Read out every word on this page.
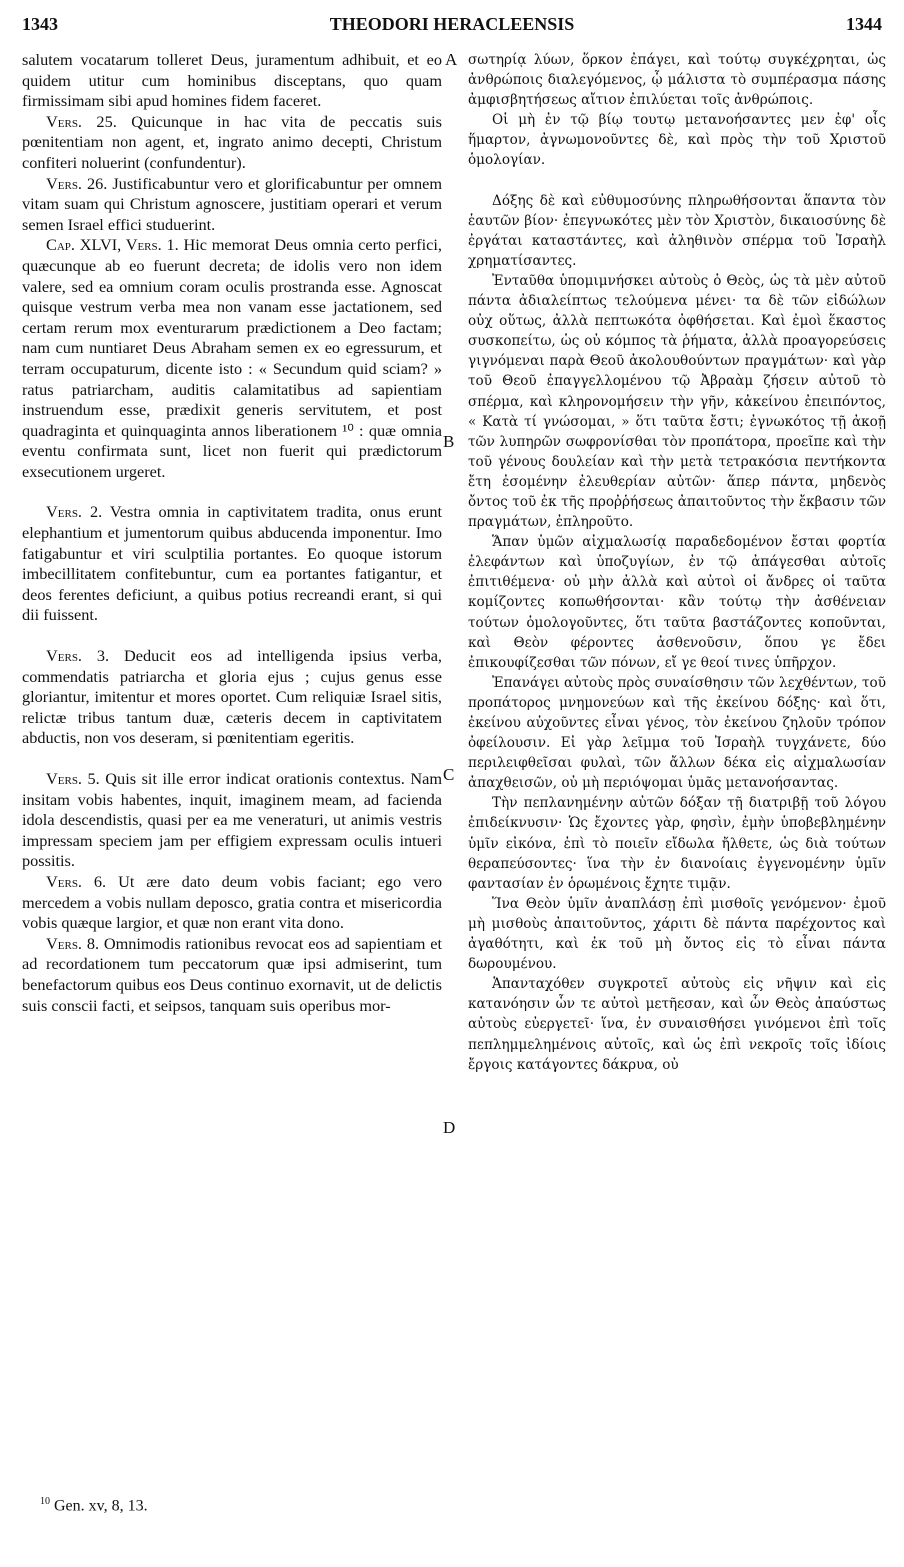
1343	THEODORI HERACLEENSIS	1344
A
B
C
D

salutem vocatarum tolleret Deus, juramentum adhibuit, et eo quidem utitur cum hominibus disceptans, quo quam firmissimam sibi apud homines fidem faceret.

Vers. 25. Quicunque in hac vita de peccatis suis pœnitentiam non agent, et, ingrato animo decepti, Christum confiteri noluerint (confundentur).

Vers. 26. Justificabuntur vero et glorificabuntur per omnem vitam suam qui Christum agnoscere, justitiam operari et verum semen Israel effici studuerint.

Cap. XLVI, Vers. 1. Hic memorat Deus omnia certo perfici, quæcunque ab eo fuerunt decreta; de idolis vero non idem valere, sed ea omnium coram oculis prostranda esse. Agnoscat quisque vestrum verba mea non vanam esse jactationem, sed certam rerum mox eventurarum prædictionem a Deo factam; nam cum nuntiaret Deus Abraham semen ex eo egressurum, et terram occupaturum, dicente isto : « Secundum quid sciam? » ratus patriarcham, auditis calamitatibus ad sapientiam instruendum esse, prædixit generis servitutem, et post quadraginta et quinquaginta annos liberationem ¹⁰ : quæ omnia eventu confirmata sunt, licet non fuerit qui prædictorum exsecutionem urgeret.

Vers. 2. Vestra omnia in captivitatem tradita, onus erunt elephantium et jumentorum quibus abducenda imponentur. Imo fatigabuntur et viri sculptilia portantes. Eo quoque istorum imbecillitatem confitebuntur, cum ea portantes fatigantur, et deos ferentes deficiunt, a quibus potius recreandi erant, si qui dii fuissent.

Vers. 3. Deducit eos ad intelligenda ipsius verba, commendatis patriarcha et gloria ejus ; cujus genus esse gloriantur, imitentur et mores oportet. Cum reliquiæ Israel sitis, relictæ tribus tantum duæ, cæteris decem in captivitatem abductis, non vos deseram, si pœnitentiam egeritis.

Vers. 5. Quis sit ille error indicat orationis contextus. Nam insitam vobis habentes, inquit, imaginem meam, ad facienda idola descendistis, quasi per ea me veneraturi, ut animis vestris impressam speciem jam per effigiem expressam oculis intueri possitis.

Vers. 6. Ut ære dato deum vobis faciant; ego vero mercedem a vobis nullam deposco, gratia contra et misericordia vobis quæque largior, et quæ non erant vita dono.

Vers. 8. Omnimodis rationibus revocat eos ad sapientiam et ad recordationem tum peccatorum quæ ipsi admiserint, tum benefactorum quibus eos Deus continuo exornavit, ut de delictis suis conscii facti, et seipsos, tanquam suis operibus mor-

σωτηρίᾳ λύων, ὅρκον ἐπάγει, καὶ τούτῳ συγκέχρηται, ὡς ἀνθρώποις διαλεγόμενος, ᾧ μάλιστα τὸ συμπέρασμα πάσης ἀμφισβητήσεως αἴτιον ἐπιλύεται τοῖς ἀνθρώποις.

Οἱ μὴ ἐν τῷ βίῳ τουτῳ μετανοήσαντες μεν ἐφ' οἷς ἥμαρτον, ἀγνωμονοῦντες δὲ, καὶ πρὸς τὴν τοῦ Χριστοῦ ὁμολογίαν.

Δόξης δὲ καὶ εὐθυμοσύνης πληρωθήσονται ἅπαντα τὸν ἑαυτῶν βίον· ἐπεγνωκότες μὲν τὸν Χριστὸν, δικαιοσύνης δὲ ἐργάται καταστάντες, καὶ ἀληθινὸν σπέρμα τοῦ Ἰσραὴλ χρηματίσαντες.

Ἐνταῦθα ὑπομιμνήσκει αὐτοὺς ὁ Θεὸς, ὡς τὰ μὲν αὐτοῦ πάντα ἀδιαλείπτως τελούμενα μένει· τα δὲ τῶν εἰδώλων οὐχ οὕτως, ἀλλὰ πεπτωκότα ὀφθήσεται. Καὶ ἐμοὶ ἕκαστος συσκοπείτω, ὡς οὐ κόμπος τὰ ῥήματα, ἀλλὰ προαγορεύσεις γιγνόμεναι παρὰ Θεοῦ ἀκολουθούντων πραγμάτων· καὶ γὰρ τοῦ Θεοῦ ἐπαγγελλομένου τῷ Ἀβραὰμ ζήσειν αὐτοῦ τὸ σπέρμα, καὶ κληρονομήσειν τὴν γῆν, κἀκείνου ἐπειπόντος, « Κατὰ τί γνώσομαι, » ὅτι ταῦτα ἔστι; ἐγνωκότος τῇ ἀκοῇ τῶν λυπηρῶν σωφρονίσθαι τὸν προπάτορα, προεῖπε καὶ τὴν τοῦ γένους δουλείαν καὶ τὴν μετὰ τετρακόσια πεντήκοντα ἔτη ἐσομένην ἐλευθερίαν αὐτῶν· ἅπερ πάντα, μηδενὸς ὄντος τοῦ ἐκ τῆς προῤῥήσεως ἀπαιτοῦντος τὴν ἔκβασιν τῶν πραγμάτων, ἐπληροῦτο.

Ἅπαν ὑμῶν αἰχμαλωσίᾳ παραδεδομένον ἔσται φορτία ἐλεφάντων καὶ ὑποζυγίων, ἐν τῷ ἀπάγεσθαι αὐτοῖς ἐπιτιθέμενα· οὐ μὴν ἀλλὰ καὶ αὐτοὶ οἱ ἄνδρες οἱ ταῦτα κομίζοντες κοπωθήσονται· κἂν τούτῳ τὴν ἀσθένειαν τούτων ὁμολογοῦντες, ὅτι ταῦτα βαστάζοντες κοποῦνται, καὶ Θεὸν φέροντες ἀσθενοῦσιν, ὅπου γε ἔδει ἐπικουφίζεσθαι τῶν πόνων, εἴ γε θεοί τινες ὑπῆρχον.

Ἐπανάγει αὐτοὺς πρὸς συναίσθησιν τῶν λεχθέντων, τοῦ προπάτορος μνημονεύων καὶ τῆς ἐκείνου δόξης· καὶ ὅτι, ἐκείνου αὐχοῦντες εἶναι γένος, τὸν ἐκείνου ζηλοῦν τρόπον ὀφείλουσιν. Εἰ γὰρ λεῖμμα τοῦ Ἰσραὴλ τυγχάνετε, δύο περιλειφθεῖσαι φυλαὶ, τῶν ἄλλων δέκα εἰς αἰχμαλωσίαν ἀπαχθεισῶν, οὐ μὴ περιόψομαι ὑμᾶς μετανοήσαντας.

Τὴν πεπλανημένην αὐτῶν δόξαν τῇ διατριβῇ τοῦ λόγου ἐπιδείκνυσιν· Ὡς ἔχοντες γὰρ, φησὶν, ἐμὴν ὑποβεβλημένην ὑμῖν εἰκόνα, ἐπὶ τὸ ποιεῖν εἴδωλα ἤλθετε, ὡς διὰ τούτων θεραπεύσοντες· ἵνα τὴν ἐν διανοίαις ἐγγενομένην ὑμῖν φαντασίαν ἐν ὁρωμένοις ἔχητε τιμᾷν.

Ἵνα Θεὸν ὑμῖν ἀναπλάσῃ ἐπὶ μισθοῖς γενόμενον· ἐμοῦ μὴ μισθοὺς ἀπαιτοῦντος, χάριτι δὲ πάντα παρέχοντος καὶ ἀγαθότητι, καὶ ἐκ τοῦ μὴ ὄντος εἰς τὸ εἶναι πάντα δωρουμένου.

Ἁπανταχόθεν συγκροτεῖ αὐτοὺς εἰς νῆψιν καὶ εἰς κατανόησιν ὧν τε αὐτοὶ μετῆεσαν, καὶ ὧν Θεὸς ἀπαύστως αὐτοὺς εὐεργετεῖ· ἵνα, ἐν συναισθήσει γινόμενοι ἐπὶ τοῖς πεπλημμελημένοις αὐτοῖς, καὶ ὡς ἐπὶ νεκροῖς τοῖς ἰδίοις ἔργοις κατάγοντες δάκρυα, οὐ

$^{10}$ Gen. xv, 8, 13.
